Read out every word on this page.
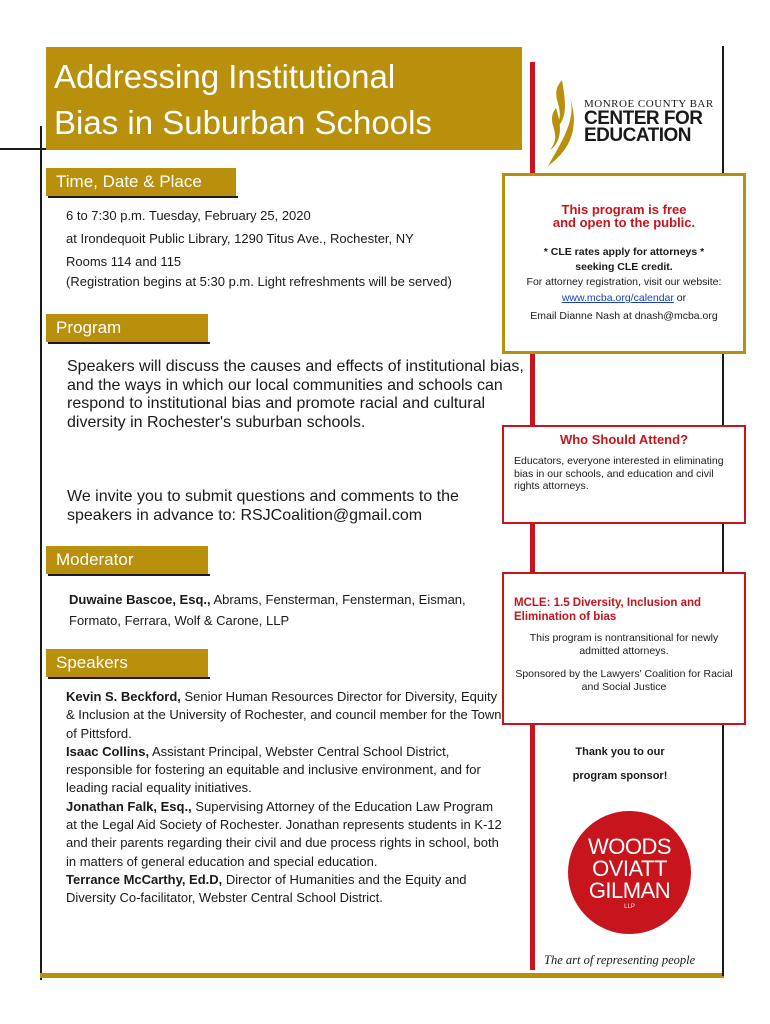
Addressing Institutional
Bias in Suburban Schools	MONROE COUNTY BAR
CENTER FOR
EDUCATION
Time, Date & Place
6 to 7:30 p.m. Tuesday, February 25, 2020
at Irondequoit Public Library, 1290 Titus Ave., Rochester, NY
Rooms 114 and 115
(Registration begins at 5:30 p.m. Light refreshments will be served)
Program
Speakers will discuss the causes and effects of institutional bias, and the ways in which our local communities and schools can respond to institutional bias and promote racial and cultural diversity in Rochester's suburban schools.
We invite you to submit questions and comments to the speakers in advance to: RSJCoalition@gmail.com
Moderator
Duwaine Bascoe, Esq., Abrams, Fensterman, Fensterman, Eisman, Formato, Ferrara, Wolf & Carone, LLP
Speakers
Kevin S. Beckford, Senior Human Resources Director for Diversity, Equity & Inclusion at the University of Rochester, and council member for the Town of Pittsford.
Isaac Collins, Assistant Principal, Webster Central School District, responsible for fostering an equitable and inclusive environment, and for leading racial equality initiatives.
Jonathan Falk, Esq., Supervising Attorney of the Education Law Program at the Legal Aid Society of Rochester. Jonathan represents students in K-12 and their parents regarding their civil and due process rights in school, both in matters of general education and special education.
Terrance McCarthy, Ed.D, Director of Humanities and the Equity and Diversity Co-facilitator, Webster Central School District.
This program is free
and open to the public.
* CLE rates apply for attorneys *
seeking CLE credit.
For attorney registration, visit our website:
www.mcba.org/calendar or
Email Dianne Nash at dnash@mcba.org
Who Should Attend?
Educators, everyone interested in eliminating bias in our schools, and education and civil rights attorneys.
MCLE: 1.5 Diversity, Inclusion and Elimination of bias
This program is nontransitional for newly admitted attorneys.
Sponsored by the Lawyers' Coalition for Racial and Social Justice
Thank you to our
program sponsor!
WOODS
OVIATT
GILMAN
LLP
The art of representing people
